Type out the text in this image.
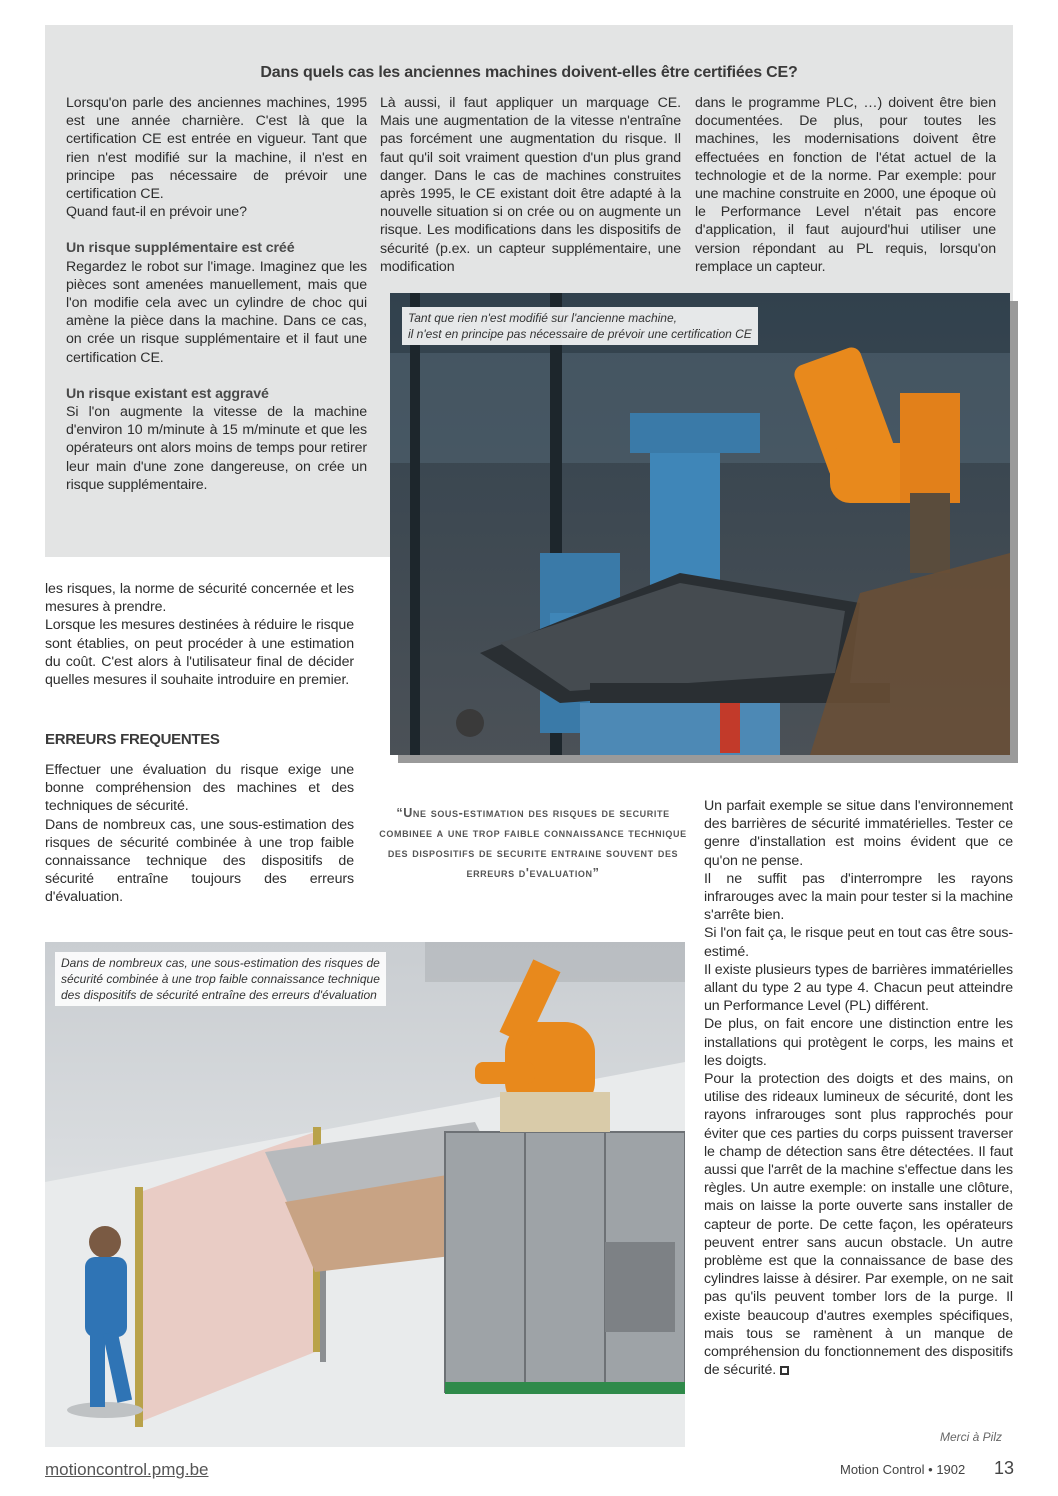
Dans quels cas les anciennes machines doivent-elles être certifiées CE?

Lorsqu'on parle des anciennes machines, 1995 est une année charnière. C'est là que la certification CE est entrée en vigueur. Tant que rien n'est modifié sur la machine, il n'est en principe pas nécessaire de prévoir une certification CE.

Quand faut-il en prévoir une?

Un risque supplémentaire est créé

Regardez le robot sur l'image. Imaginez que les pièces sont amenées manuellement, mais que l'on modifie cela avec un cylindre de choc qui amène la pièce dans la machine. Dans ce cas, on crée un risque supplémentaire et il faut une certification CE.

Un risque existant est aggravé

Si l'on augmente la vitesse de la machine d'environ 10 m/minute à 15 m/minute et que les opérateurs ont alors moins de temps pour retirer leur main d'une zone dangereuse, on crée un risque supplémentaire.

Là aussi, il faut appliquer un marquage CE. Mais une augmentation de la vitesse n'entraîne pas forcément une augmentation du risque. Il faut qu'il soit vraiment question d'un plus grand danger. Dans le cas de machines construites après 1995, le CE existant doit être adapté à la nouvelle situation si on crée ou on augmente un risque. Les modifications dans les dispositifs de sécurité (p.ex. un capteur supplémentaire, une modification

dans le programme PLC, …) doivent être bien documentées. De plus, pour toutes les machines, les modernisations doivent être effectuées en fonction de l'état actuel de la technologie et de la norme. Par exemple: pour une machine construite en 2000, une époque où le Performance Level n'était pas encore d'application, il faut aujourd'hui utiliser une version répondant au PL requis, lorsqu'on remplace un capteur.

Tant que rien n'est modifié sur l'ancienne machine,
il n'est en principe pas nécessaire de prévoir une certification CE

les risques, la norme de sécurité concernée et les mesures à prendre.

Lorsque les mesures destinées à réduire le risque sont établies, on peut procéder à une estimation du coût. C'est alors à l'utilisateur final de décider quelles mesures il souhaite introduire en premier.

ERREURS FREQUENTES

Effectuer une évaluation du risque exige une bonne compréhension des machines et des techniques de sécurité.

Dans de nombreux cas, une sous-estimation des risques de sécurité combinée à une trop faible connaissance technique des dispositifs de sécurité entraîne toujours des erreurs d'évaluation.

“Une sous-estimation des risques de securite combinee a une trop faible connaissance technique des dispositifs de securite entraine souvent des erreurs d'evaluation”

Un parfait exemple se situe dans l'environnement des barrières de sécurité immatérielles. Tester ce genre d'installation est moins évident que ce qu'on ne pense.

Il ne suffit pas d'interrompre les rayons infrarouges avec la main pour tester si la machine s'arrête bien.

Si l'on fait ça, le risque peut en tout cas être sous-estimé.

Il existe plusieurs types de barrières immatérielles allant du type 2 au type 4. Chacun peut atteindre un Performance Level (PL) différent.

De plus, on fait encore une distinction entre les installations qui protègent le corps, les mains et les doigts.

Pour la protection des doigts et des mains, on utilise des rideaux lumineux de sécurité, dont les rayons infrarouges sont plus rapprochés pour éviter que ces parties du corps puissent traverser le champ de détection sans être détectées. Il faut aussi que l'arrêt de la machine s'effectue dans les règles. Un autre exemple: on installe une clôture, mais on laisse la porte ouverte sans installer de capteur de porte. De cette façon, les opérateurs peuvent entrer sans aucun obstacle. Un autre problème est que la connaissance de base des cylindres laisse à désirer. Par exemple, on ne sait pas qu'ils peuvent tomber lors de la purge. Il existe beaucoup d'autres exemples spécifiques, mais tous se ramènent à un manque de compréhension du fonctionnement des dispositifs de sécurité.

Dans de nombreux cas, une sous-estimation des risques de
sécurité combinée à une trop faible connaissance technique
des dispositifs de sécurité entraîne des erreurs d'évaluation
Merci à Pilz
motioncontrol.pmg.be	Motion Control • 1902 13
